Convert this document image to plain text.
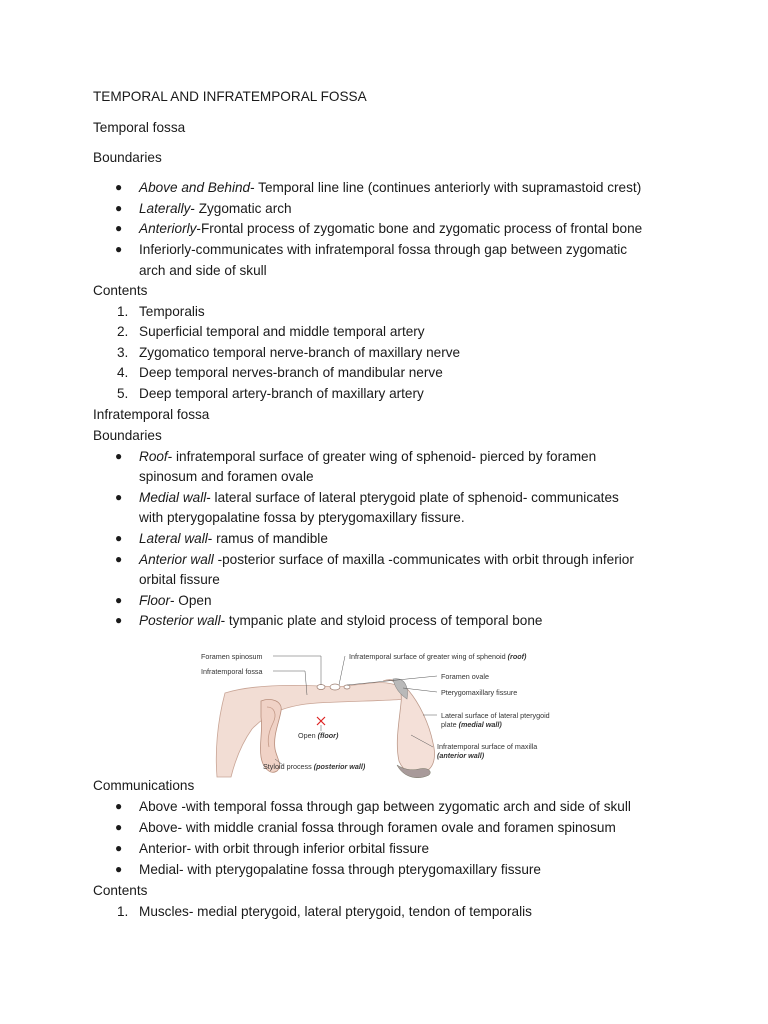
TEMPORAL AND INFRATEMPORAL FOSSA
Temporal fossa
Boundaries
● Above and Behind- Temporal line line (continues anteriorly with supramastoid crest)
● Laterally- Zygomatic arch
● Anteriorly-Frontal process of zygomatic bone and zygomatic process of frontal bone
● Inferiorly-communicates with infratemporal fossa through gap between zygomatic
arch and side of skull
Contents
1. Temporalis
2. Superficial temporal and middle temporal artery
3. Zygomatico temporal nerve-branch of maxillary nerve
4. Deep temporal nerves-branch of mandibular nerve
5. Deep temporal artery-branch of maxillary artery
Infratemporal fossa
Boundaries
● Roof- infratemporal surface of greater wing of sphenoid- pierced by foramen
spinosum and foramen ovale
● Medial wall- lateral surface of lateral pterygoid plate of sphenoid- communicates
with pterygopalatine fossa by pterygomaxillary fissure.
● Lateral wall- ramus of mandible
● Anterior wall -posterior surface of maxilla -communicates with orbit through inferior
orbital fissure
● Floor- Open
● Posterior wall- tympanic plate and styloid process of temporal bone
Foramen spinosum
Infratemporal fossa
Infratemporal surface of greater wing of sphenoid (roof)
Foramen ovale
Pterygomaxillary fissure
Lateral surface of lateral pterygoid
plate (medial wall)
Open (floor)
Infratemporal surface of maxilla
(anterior wall)
Styloid process (posterior wall)
Communications
● Above -with temporal fossa through gap between zygomatic arch and side of skull
● Above- with middle cranial fossa through foramen ovale and foramen spinosum
● Anterior- with orbit through inferior orbital fissure
● Medial- with pterygopalatine fossa through pterygomaxillary fissure
Contents
1. Muscles- medial pterygoid, lateral pterygoid, tendon of temporalis
